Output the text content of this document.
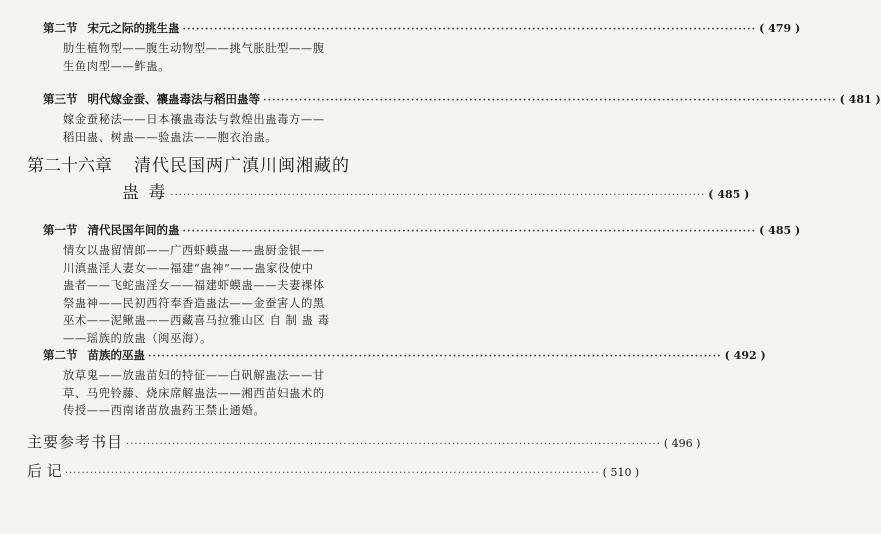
第二节 宋元之际的挑生蛊 ································································································································ ( 479 )
肋生植物型——腹生动物型——挑气胀肚型——腹
生鱼肉型——鲊蛊。
第三节 明代嫁金蚕、禳蛊毒法与稻田蛊等 ································································································································ ( 481 )
嫁金蚕秘法——日本禳蛊毒法与敦煌出蛊毒方——
稻田蛊、树蛊——验蛊法——胞衣治蛊。
第二十六章 清代民国两广滇川闽湘藏的
蛊 毒 ································································································································ ( 485 )
第一节 清代民国年间的蛊 ································································································································ ( 485 )
情女以蛊留情郎——广西虾蟆蛊——蛊厨金银——
川滇蛊淫人妻女——福建“蛊神”——蛊家役使中
蛊者——飞蛇蛊淫女——福建虾蟆蛊——夫妻裸体
祭蛊神——民初西符奉香造蛊法——金蚕害人的黑
巫术——泥鳅蛊——西藏喜马拉雅山区 自 制 蛊 毒
——瑶族的放蛊（闽巫海）。
第二节 苗族的巫蛊 ································································································································ ( 492 )
放草鬼——放蛊苗妇的特征——白矾解蛊法——甘
草、马兜铃藤、烧床席解蛊法——湘西苗妇蛊术的
传授——西南诸苗放蛊药王禁止通婚。
主要参考书目 ································································································································ ( 496 )
后 记 ································································································································ ( 510 )
